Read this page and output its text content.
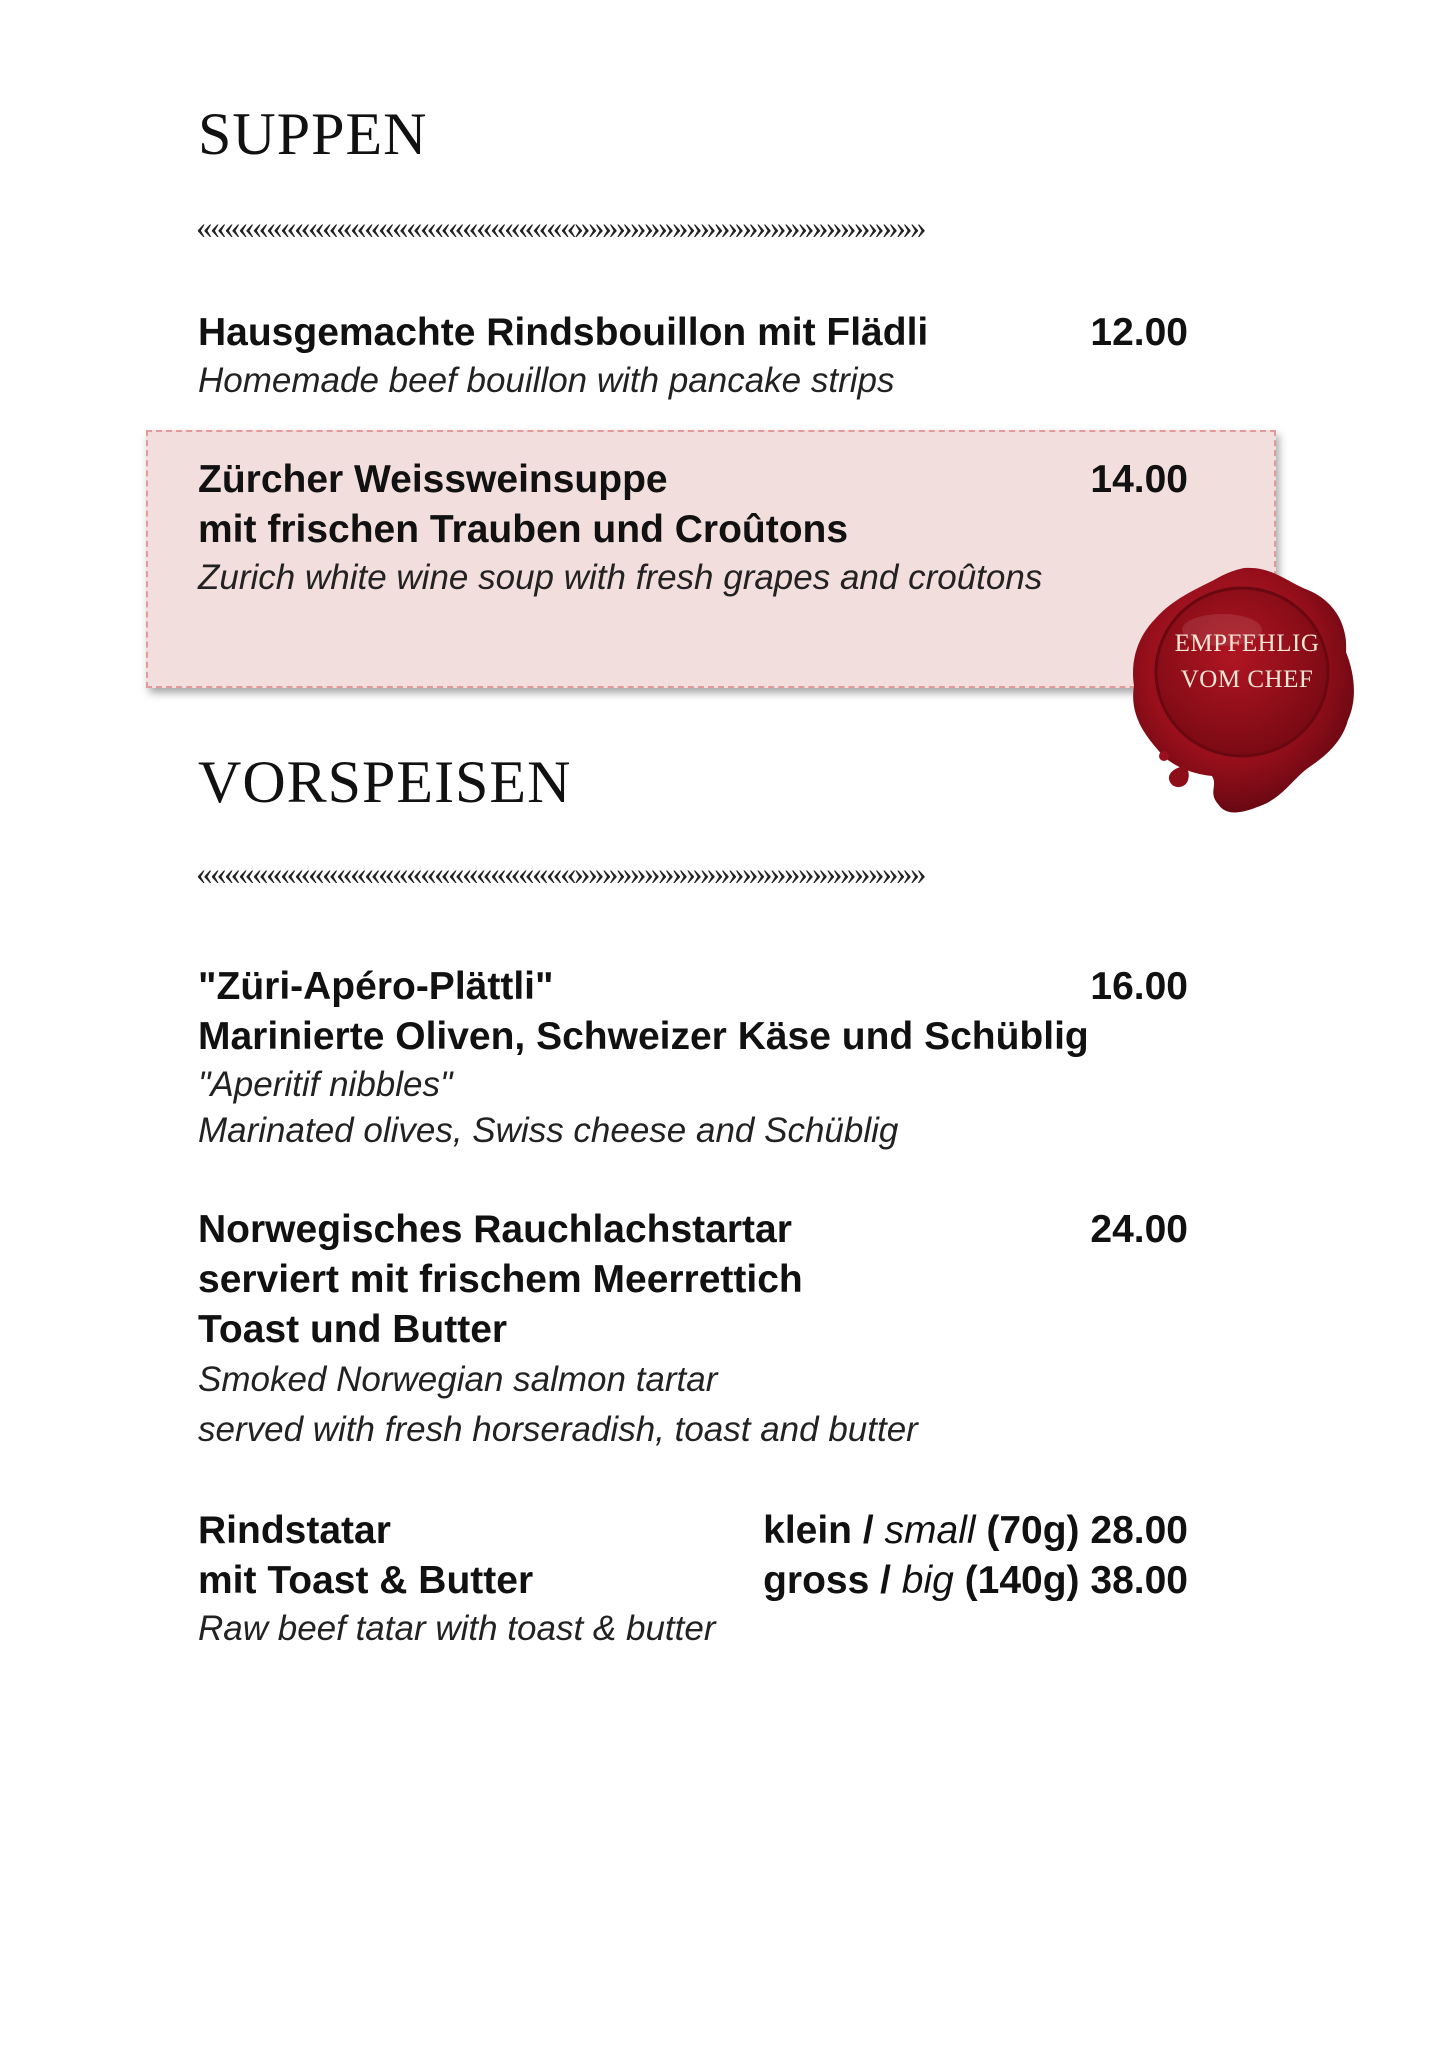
SUPPEN
«««««««««««««««««««««««««««»»»»»»»»»»»»»»»»»»»»»»»»»
Hausgemachte Rindsbouillon mit Flädli
Homemade beef bouillon with pancake strips
12.00
Zürcher Weissweinsuppe
mit frischen Trauben und Croûtons
Zurich white wine soup with fresh grapes and croûtons
14.00
EMPFEHLIG
VOM CHEF
VORSPEISEN
«««««««««««««««««««««««««««»»»»»»»»»»»»»»»»»»»»»»»»»
"Züri-Apéro-Plättli"
Marinierte Oliven, Schweizer Käse und Schüblig
"Aperitif nibbles"
Marinated olives, Swiss cheese and Schüblig
16.00
Norwegisches Rauchlachstartar
serviert mit frischem Meerrettich
Toast und Butter
Smoked Norwegian salmon tartar
served with fresh horseradish, toast and butter
24.00
Rindstatar
mit Toast & Butter
Raw beef tatar with toast & butter
klein / small (70g) 28.00
gross / big (140g) 38.00
